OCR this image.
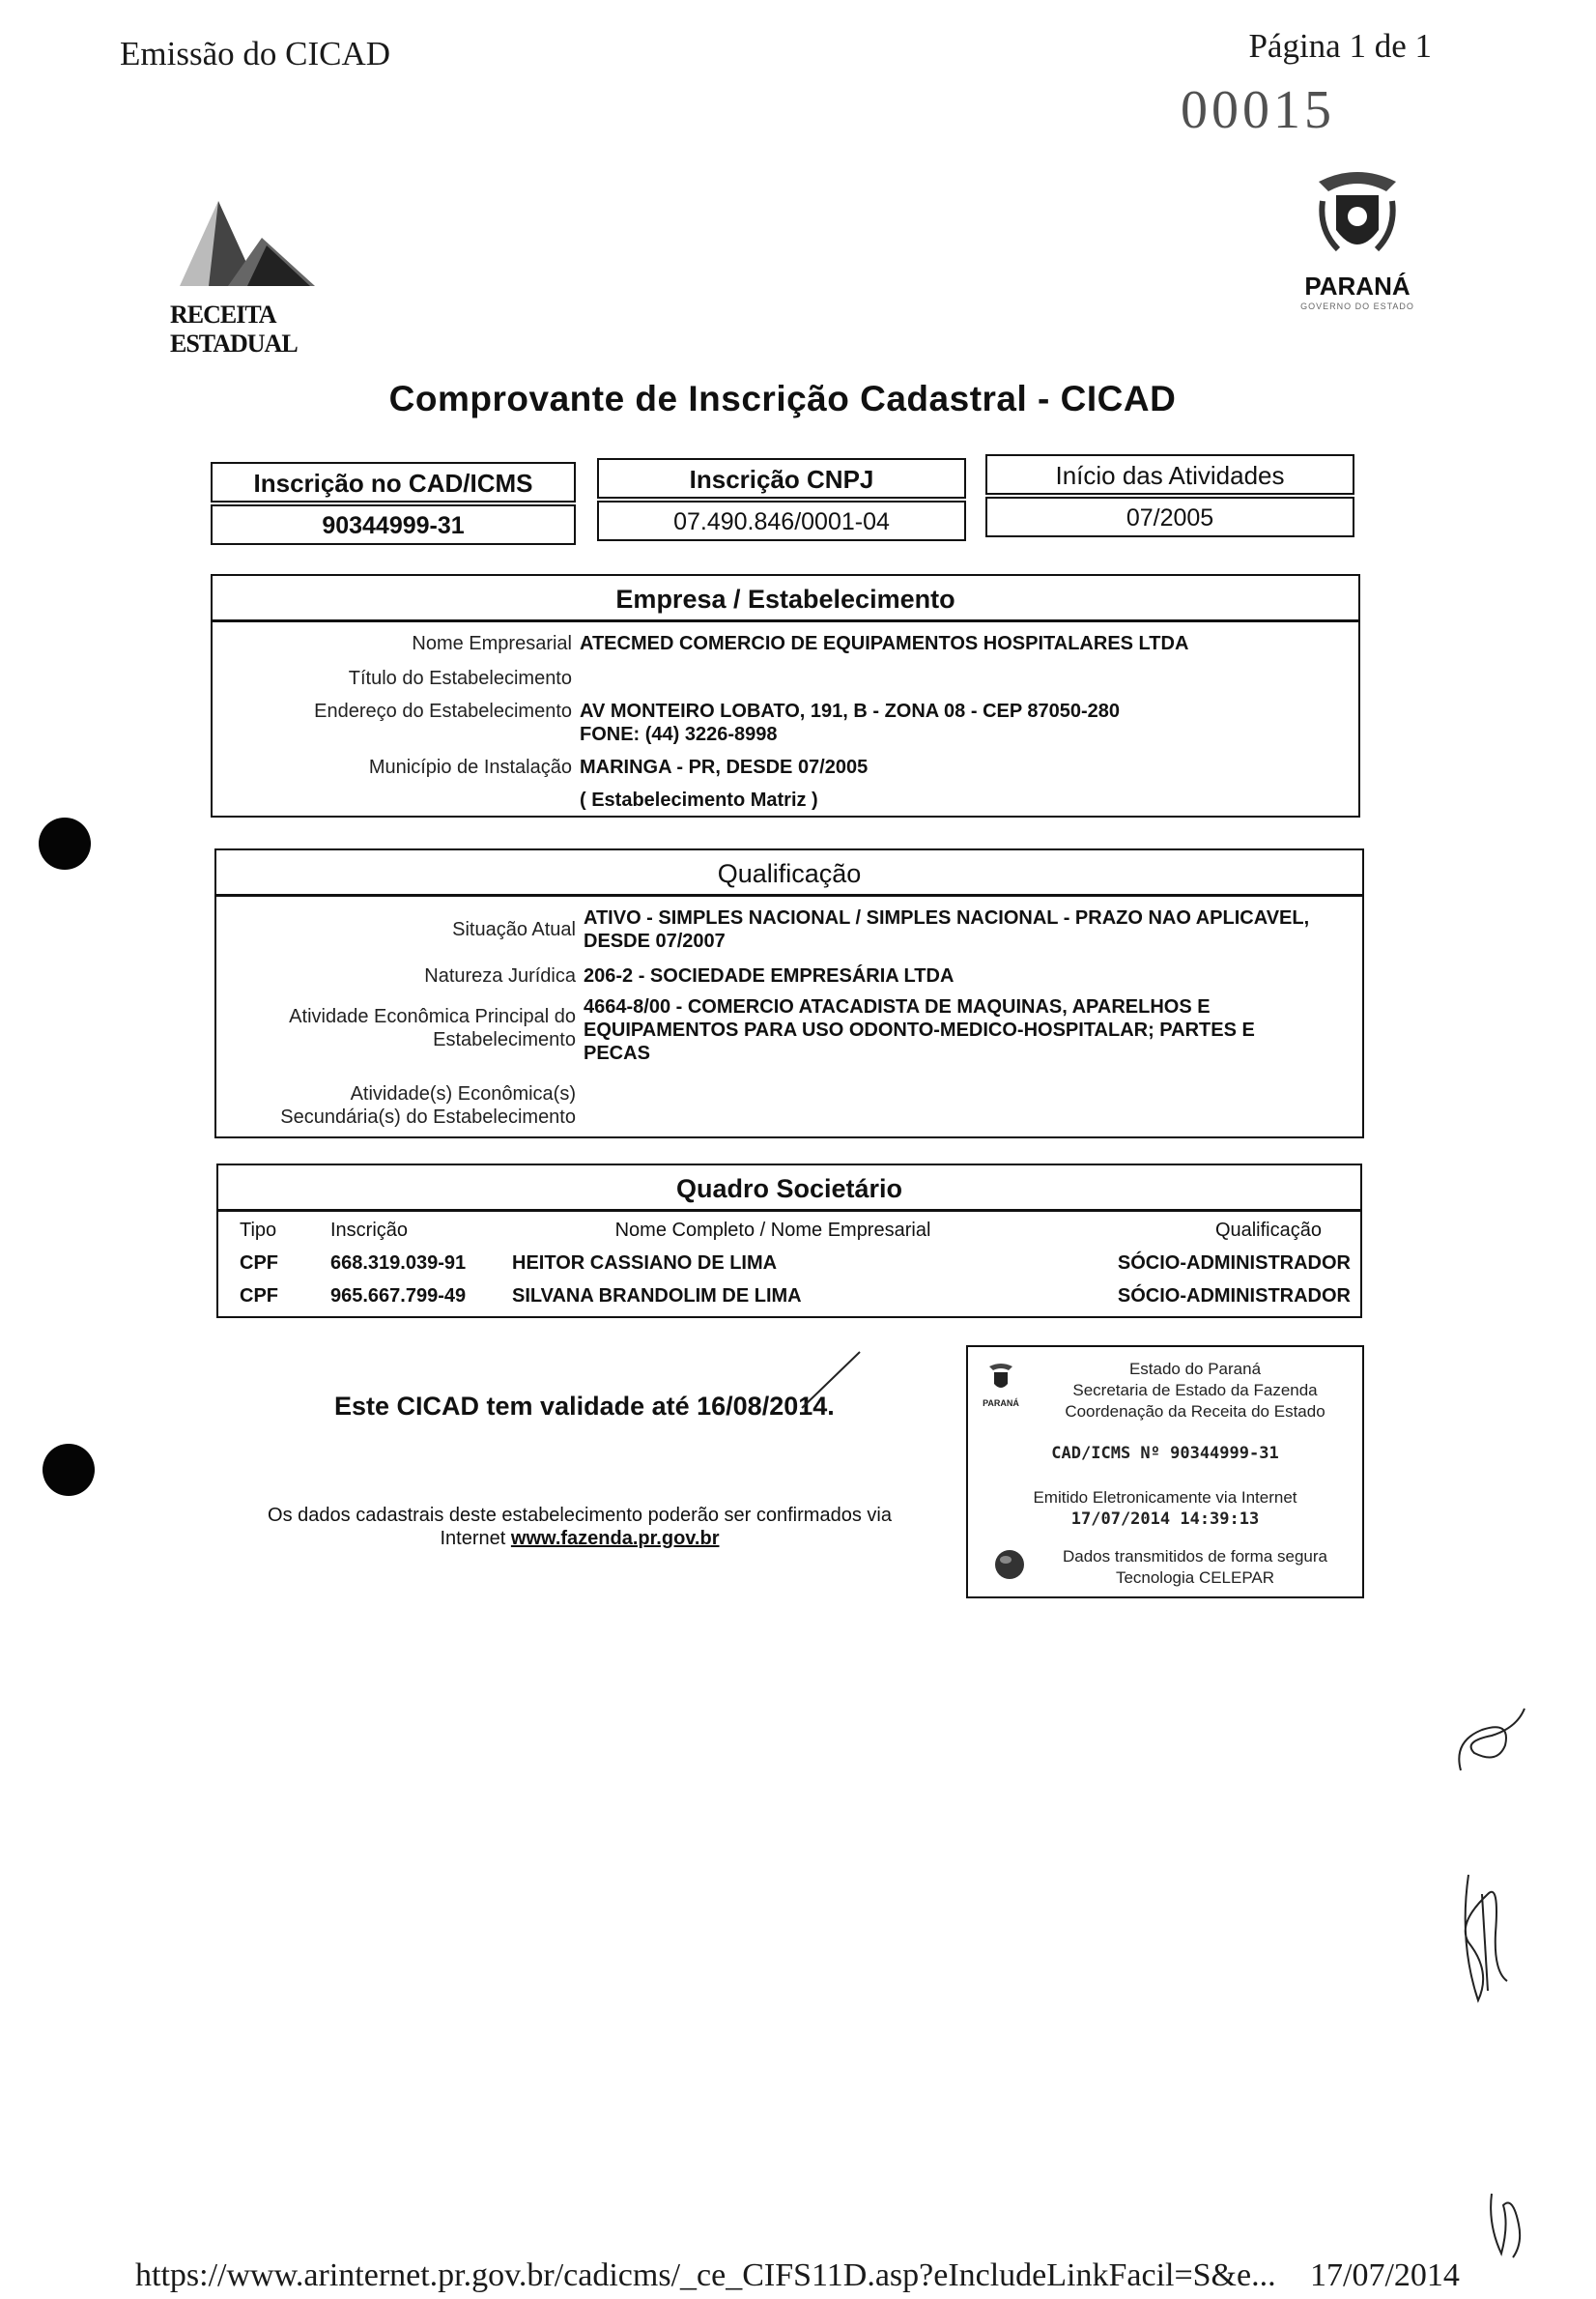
Emissão do CICAD	Página 1 de 1
00015
RECEITA ESTADUAL
PARANÁ
GOVERNO DO ESTADO
Comprovante de Inscrição Cadastral - CICAD
Inscrição no CAD/ICMS
90344999-31
Inscrição CNPJ
07.490.846/0001-04
Início das Atividades
07/2005
Empresa / Estabelecimento
Nome Empresarial ATECMED COMERCIO DE EQUIPAMENTOS HOSPITALARES LTDA
Título do Estabelecimento
Endereço do Estabelecimento AV MONTEIRO LOBATO, 191, B - ZONA 08 - CEP 87050-280
FONE: (44) 3226-8998
Município de Instalação MARINGA - PR, DESDE 07/2005
( Estabelecimento Matriz )
Qualificação
Situação Atual
ATIVO - SIMPLES NACIONAL / SIMPLES NACIONAL - PRAZO NAO APLICAVEL,
DESDE 07/2007
Natureza Jurídica 206-2 - SOCIEDADE EMPRESÁRIA LTDA
Atividade Econômica Principal do
Estabelecimento
4664-8/00 - COMERCIO ATACADISTA DE MAQUINAS, APARELHOS E
EQUIPAMENTOS PARA USO ODONTO-MEDICO-HOSPITALAR; PARTES E
PECAS
Atividade(s) Econômica(s)
Secundária(s) do Estabelecimento
Quadro Societário
Tipo	Inscrição	Nome Completo / Nome Empresarial	Qualificação
CPF	668.319.039-91	HEITOR CASSIANO DE LIMA	SÓCIO-ADMINISTRADOR
CPF	965.667.799-49	SILVANA BRANDOLIM DE LIMA	SÓCIO-ADMINISTRADOR
Este CICAD tem validade até 16/08/2014.
Os dados cadastrais deste estabelecimento poderão ser confirmados via
Internet www.fazenda.pr.gov.br
PARANÁ
Estado do Paraná
Secretaria de Estado da Fazenda
Coordenação da Receita do Estado
CAD/ICMS Nº 90344999-31
Emitido Eletronicamente via Internet
17/07/2014 14:39:13
Dados transmitidos de forma segura
Tecnologia CELEPAR
https://www.arinternet.pr.gov.br/cadicms/_ce_CIFS11D.asp?eIncludeLinkFacil=S&e... 17/07/2014
